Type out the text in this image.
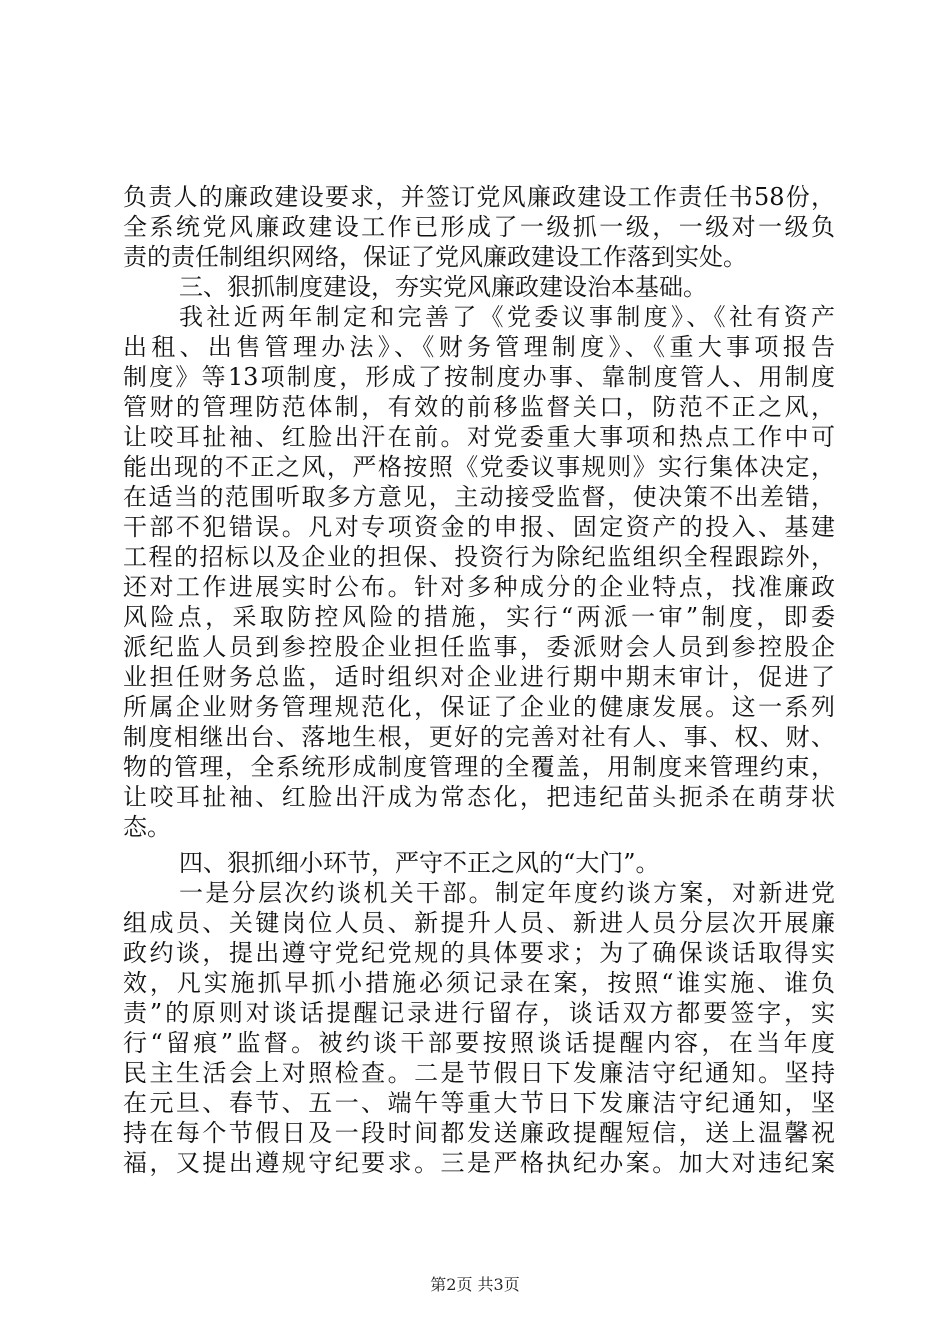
负责人的廉政建设要求，并签订党风廉政建设工作责任书58份，
全系统党风廉政建设工作已形成了一级抓一级，一级对一级负
责的责任制组织网络，保证了党风廉政建设工作落到实处。
三、狠抓制度建设，夯实党风廉政建设治本基础。
我社近两年制定和完善了《党委议事制度》、《社有资产
出租、出售管理办法》、《财务管理制度》、《重大事项报告
制度》等13项制度，形成了按制度办事、靠制度管人、用制度
管财的管理防范体制，有效的前移监督关口，防范不正之风，
让咬耳扯袖、红脸出汗在前。对党委重大事项和热点工作中可
能出现的不正之风，严格按照《党委议事规则》实行集体决定，
在适当的范围听取多方意见，主动接受监督，使决策不出差错，
干部不犯错误。凡对专项资金的申报、固定资产的投入、基建
工程的招标以及企业的担保、投资行为除纪监组织全程跟踪外，
还对工作进展实时公布。针对多种成分的企业特点，找准廉政
风险点，采取防控风险的措施，实行“两派一审”制度，即委
派纪监人员到参控股企业担任监事，委派财会人员到参控股企
业担任财务总监，适时组织对企业进行期中期末审计，促进了
所属企业财务管理规范化，保证了企业的健康发展。这一系列
制度相继出台、落地生根，更好的完善对社有人、事、权、财、
物的管理，全系统形成制度管理的全覆盖，用制度来管理约束，
让咬耳扯袖、红脸出汗成为常态化，把违纪苗头扼杀在萌芽状
态。
四、狠抓细小环节，严守不正之风的“大门”。
一是分层次约谈机关干部。制定年度约谈方案，对新进党
组成员、关键岗位人员、新提升人员、新进人员分层次开展廉
政约谈，提出遵守党纪党规的具体要求；为了确保谈话取得实
效，凡实施抓早抓小措施必须记录在案，按照“谁实施、谁负
责”的原则对谈话提醒记录进行留存，谈话双方都要签字，实
行“留痕”监督。被约谈干部要按照谈话提醒内容，在当年度
民主生活会上对照检查。二是节假日下发廉洁守纪通知。坚持
在元旦、春节、五一、端午等重大节日下发廉洁守纪通知，坚
持在每个节假日及一段时间都发送廉政提醒短信，送上温馨祝
福，又提出遵规守纪要求。三是严格执纪办案。加大对违纪案
第2页 共3页
